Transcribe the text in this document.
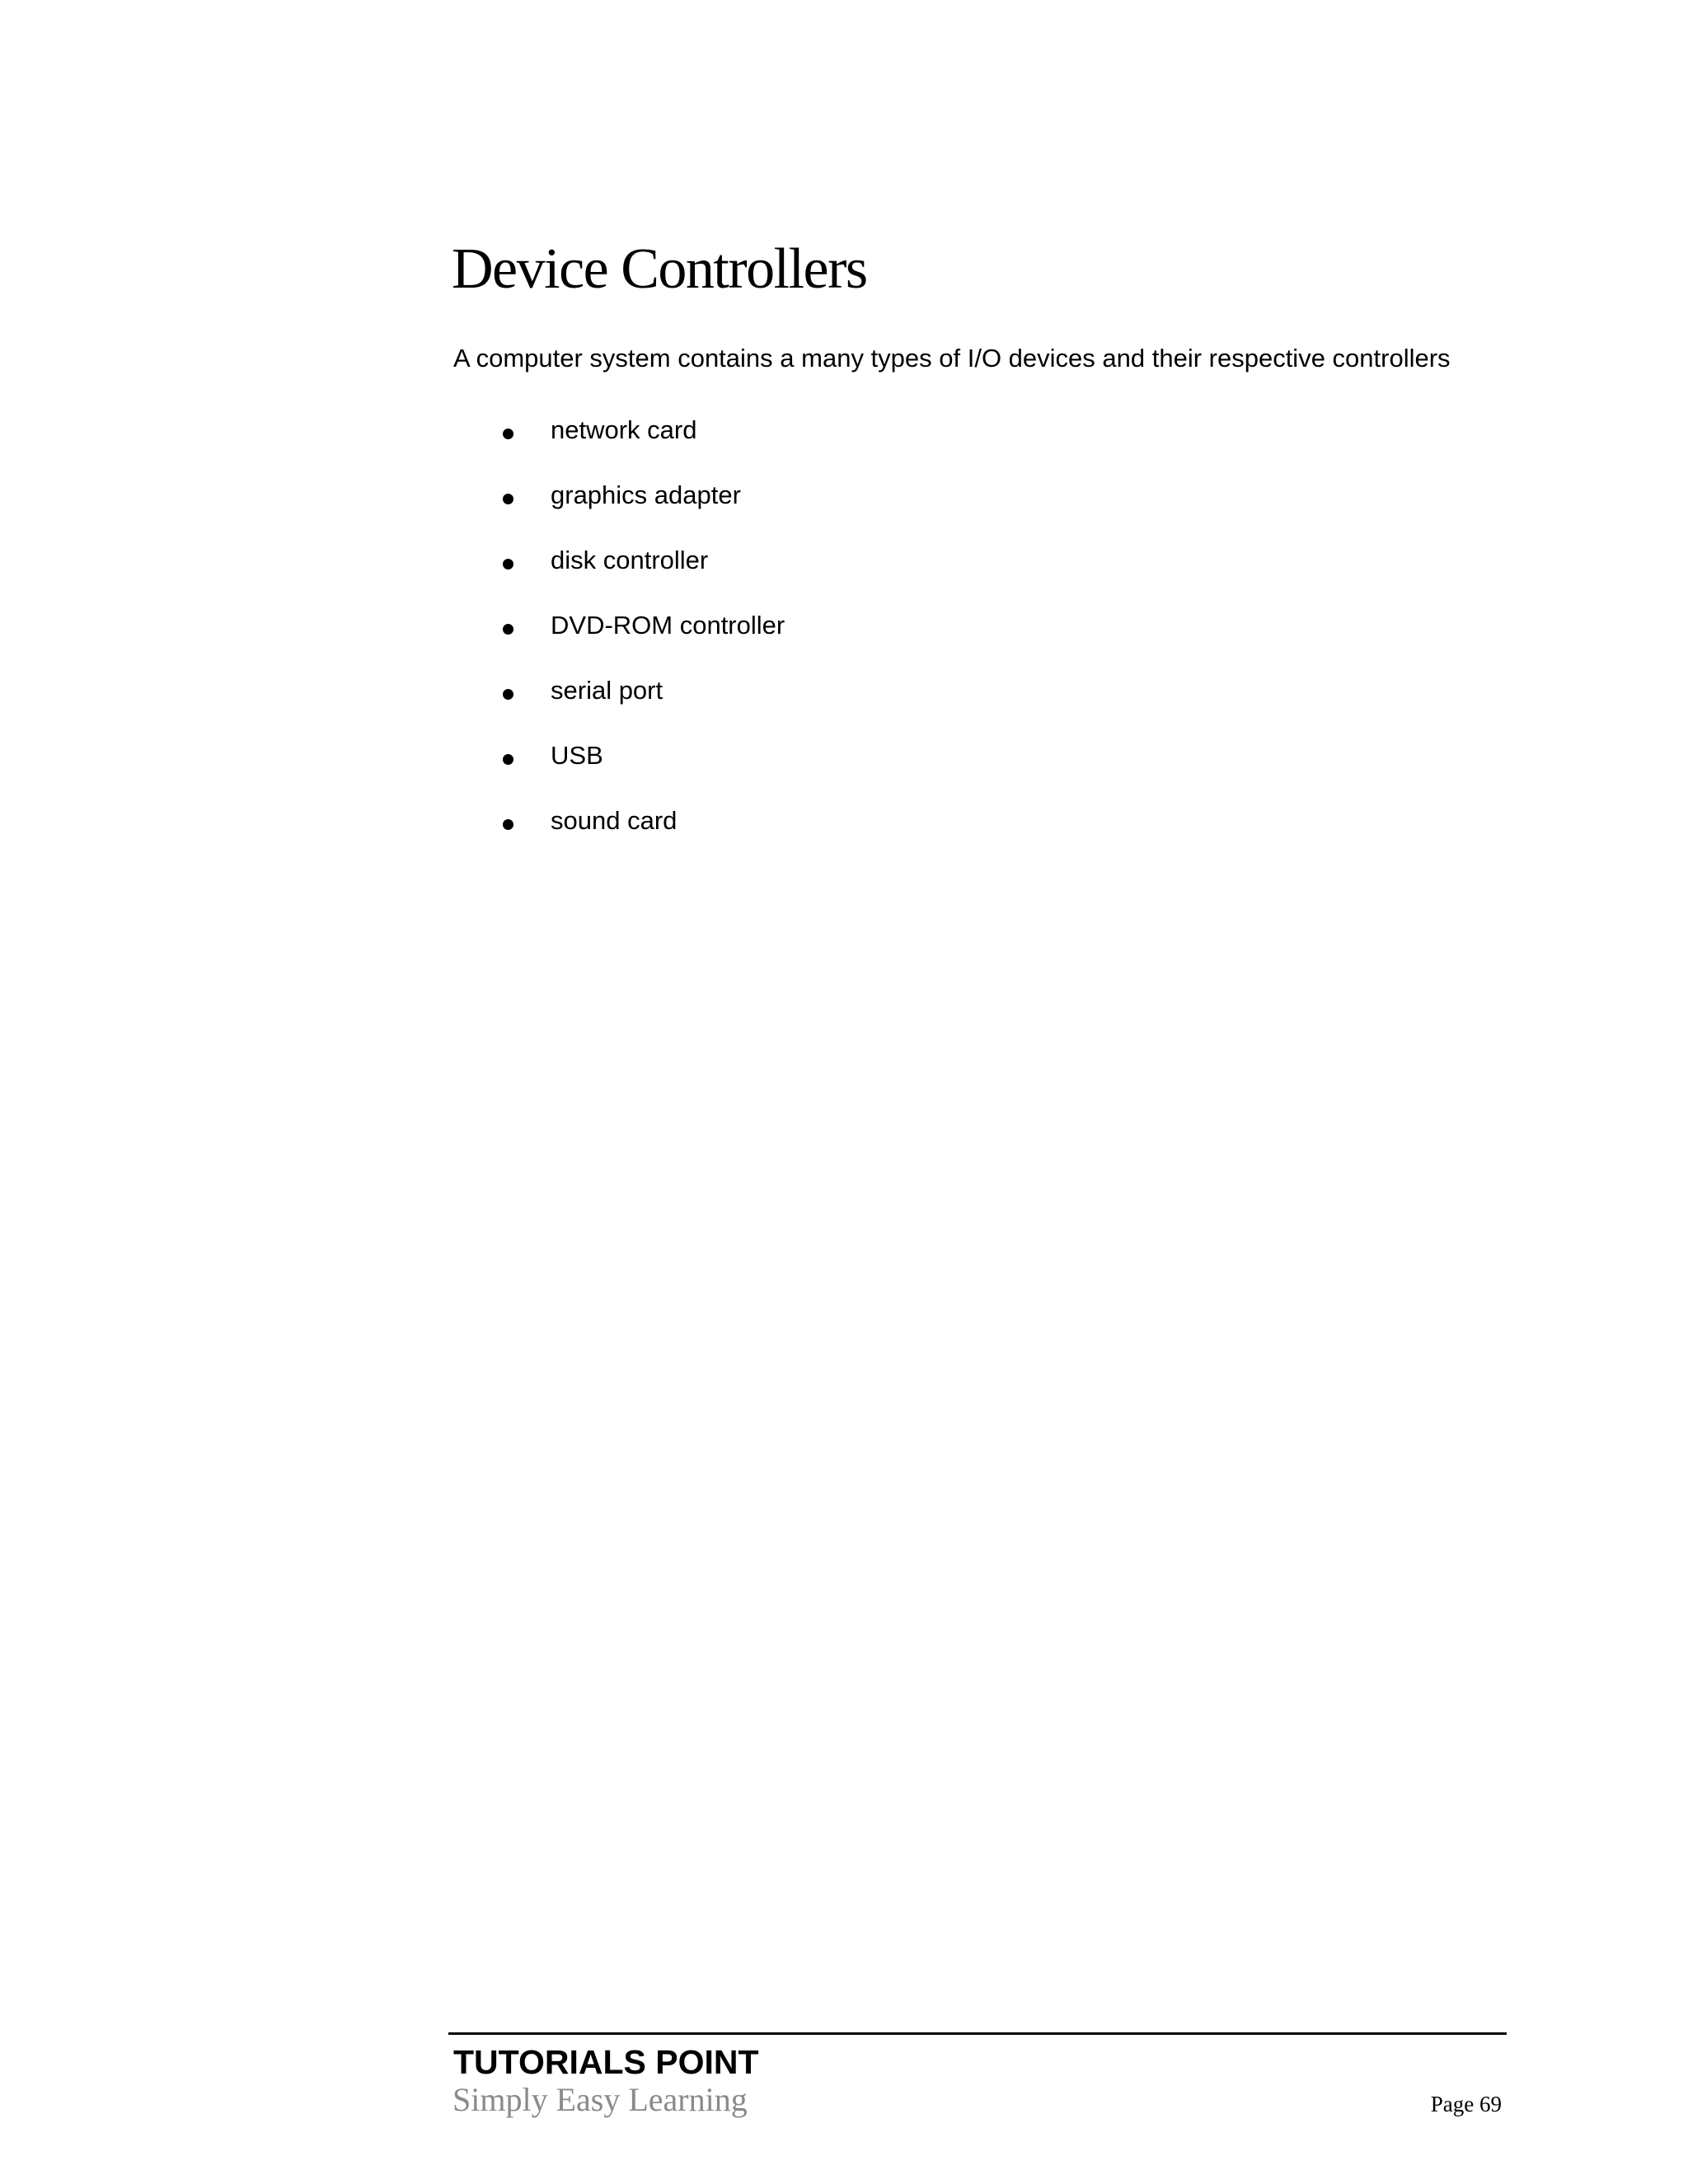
Device Controllers

A computer system contains a many types of I/O devices and their respective controllers

network card
graphics adapter
disk controller
DVD-ROM controller
serial port
USB
sound card
TUTORIALS POINT
Simply Easy Learning	Page 69
